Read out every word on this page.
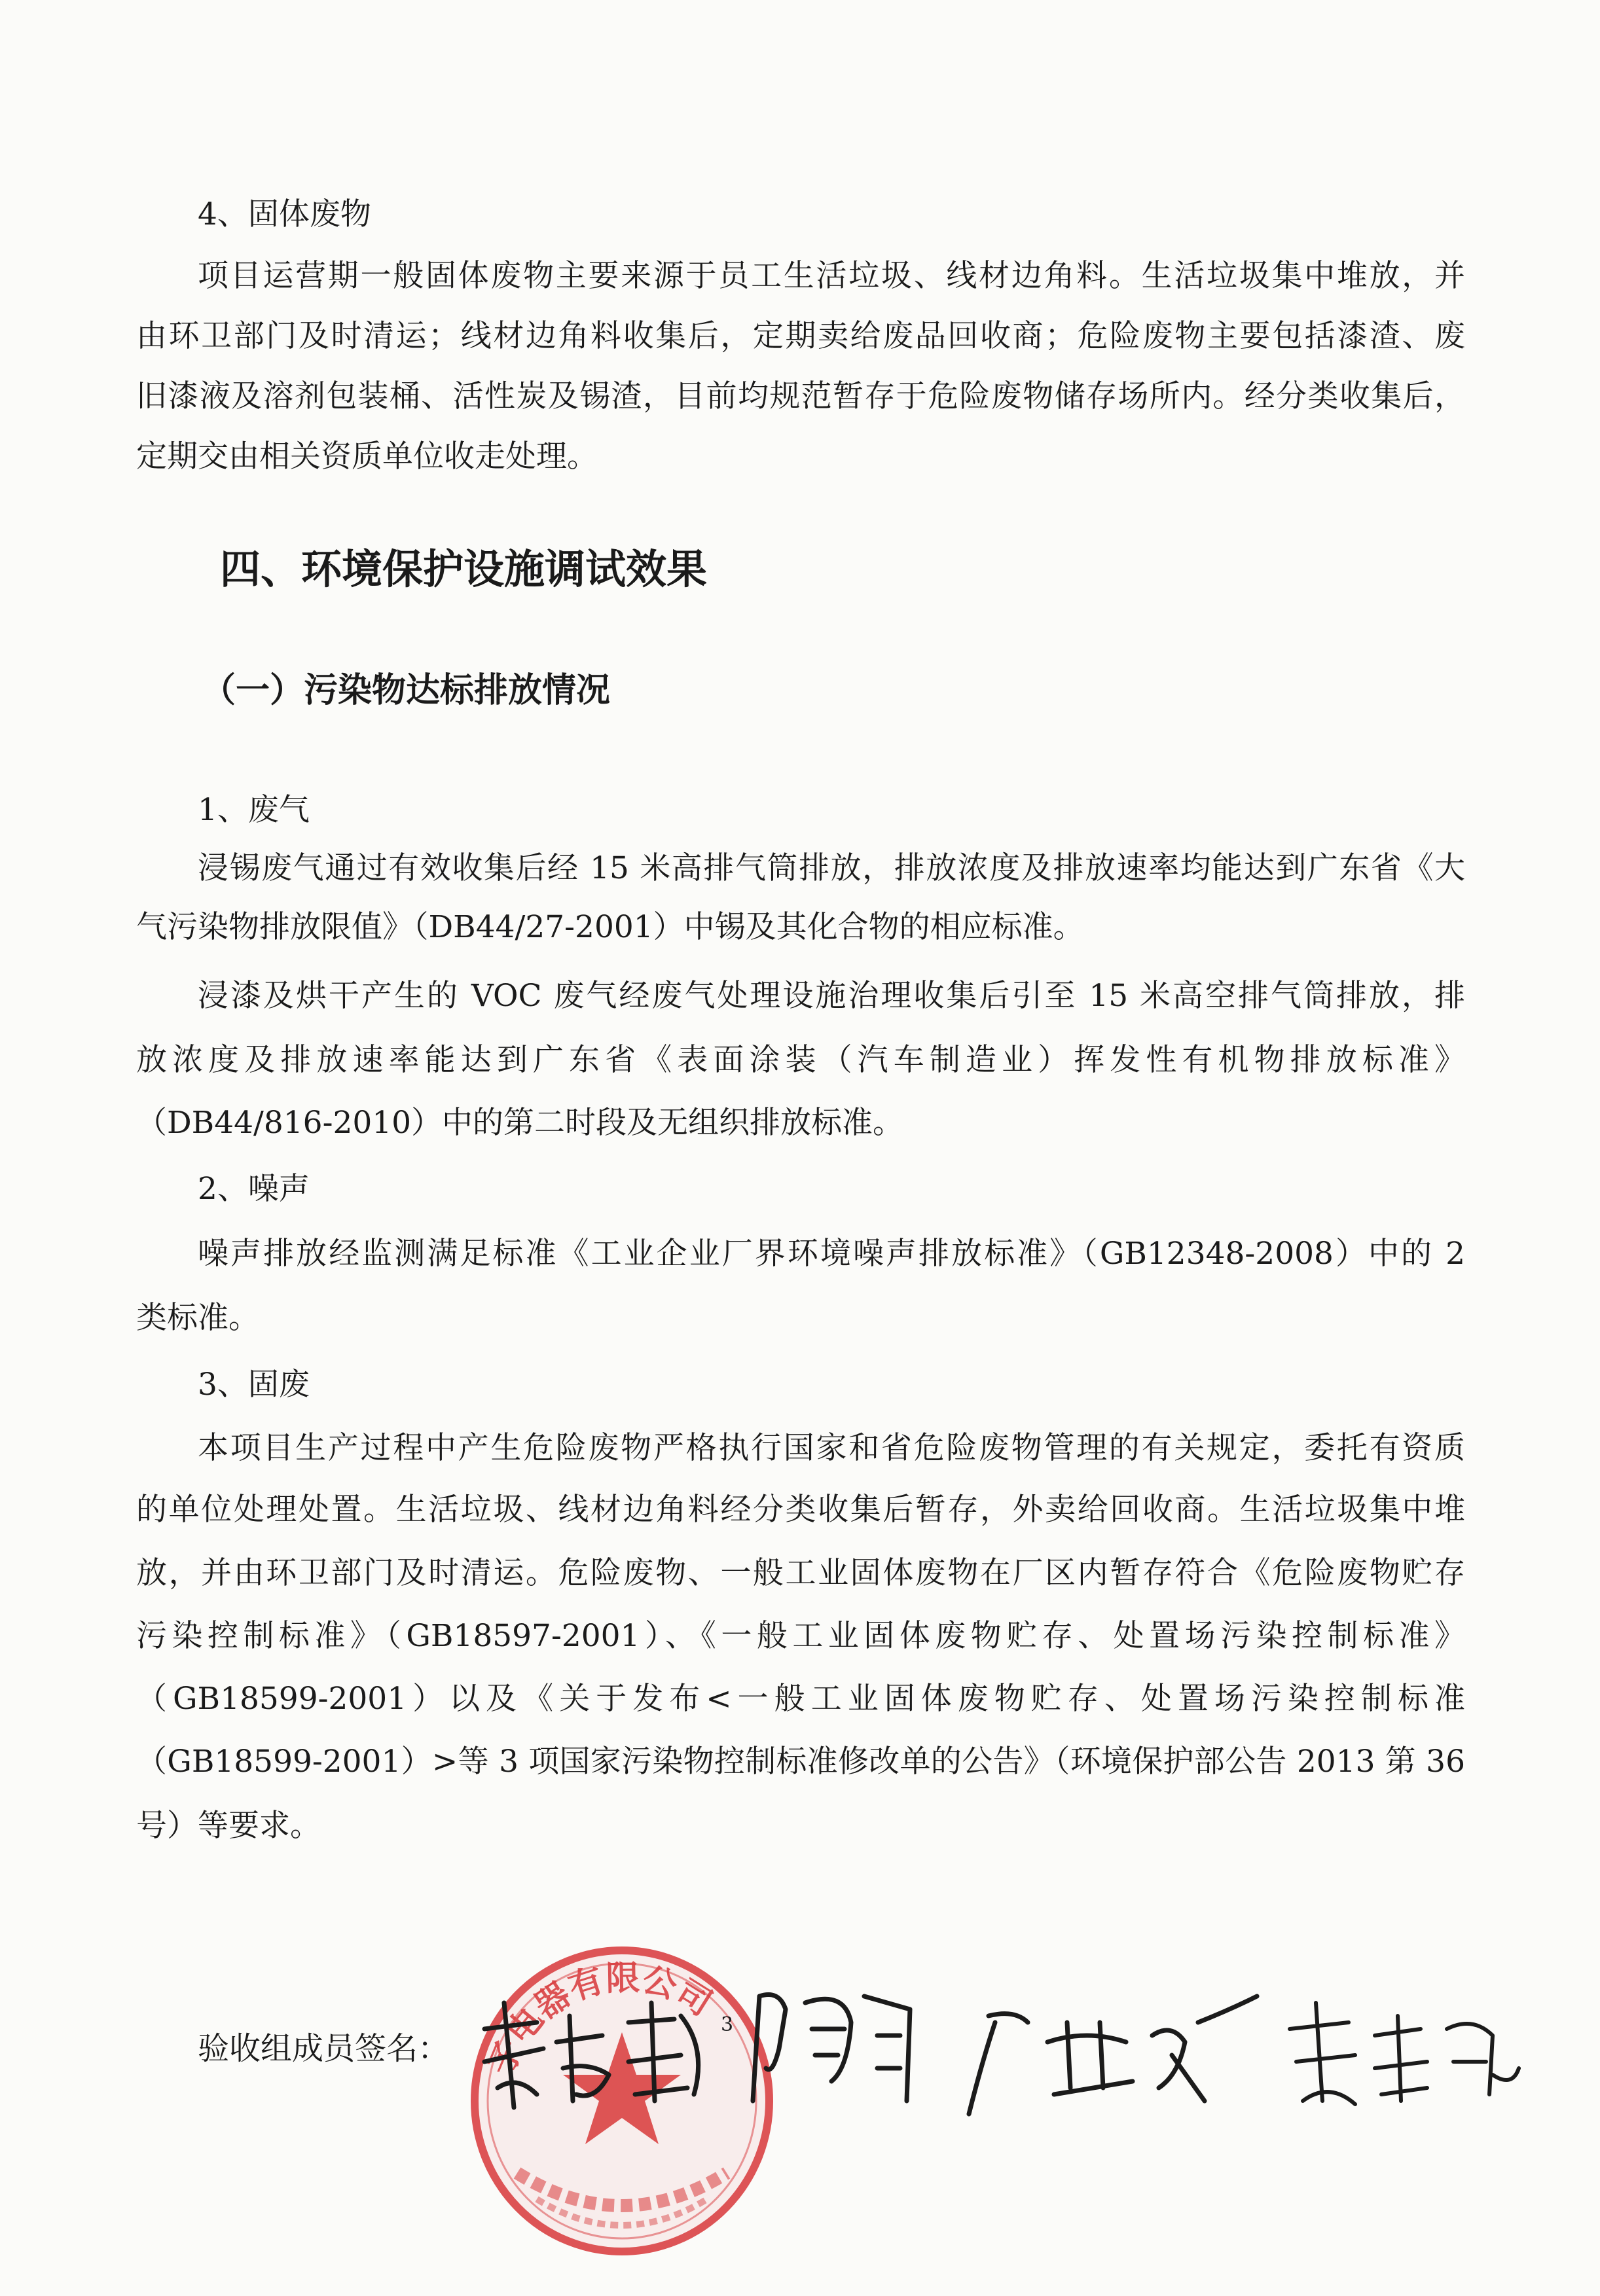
4、固体废物
项目运营期一般固体废物主要来源于员工生活垃圾、线材边角料。生活垃圾集中堆放，并
由环卫部门及时清运；线材边角料收集后，定期卖给废品回收商；危险废物主要包括漆渣、废
旧漆液及溶剂包装桶、活性炭及锡渣，目前均规范暂存于危险废物储存场所内。经分类收集后，
定期交由相关资质单位收走处理。
四、环境保护设施调试效果
（一）污染物达标排放情况
1、废气
浸锡废气通过有效收集后经 15 米高排气筒排放，排放浓度及排放速率均能达到广东省《大
气污染物排放限值》（DB44/27-2001）中锡及其化合物的相应标准。
浸漆及烘干产生的 VOC 废气经废气处理设施治理收集后引至 15 米高空排气筒排放，排
放浓度及排放速率能达到广东省《表面涂装（汽车制造业）挥发性有机物排放标准》
（DB44/816-2010）中的第二时段及无组织排放标准。
2、噪声
噪声排放经监测满足标准《工业企业厂界环境噪声排放标准》（GB12348-2008）中的 2
类标准。
3、固废
本项目生产过程中产生危险废物严格执行国家和省危险废物管理的有关规定，委托有资质
的单位处理处置。生活垃圾、线材边角料经分类收集后暂存，外卖给回收商。生活垃圾集中堆
放，并由环卫部门及时清运。危险废物、一般工业固体废物在厂区内暂存符合《危险废物贮存
污染控制标准》（GB18597-2001）、《一般工业固体废物贮存、处置场污染控制标准》
（GB18599-2001）以及《关于发布<一般工业固体废物贮存、处置场污染控制标准
（GB18599-2001）>等 3 项国家污染物控制标准修改单的公告》（环境保护部公告 2013 第 36
号）等要求。
子电器有限公司
验收组成员签名：
3
